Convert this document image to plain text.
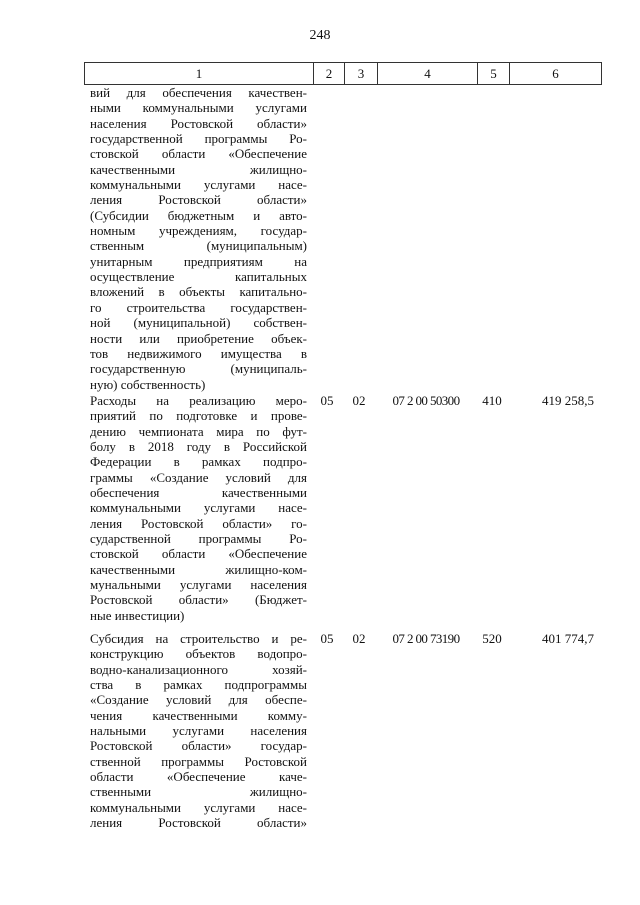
248
1	2	3	4	5	6
вий для обеспечения качествен-
ными коммунальными услугами
населения Ростовской области»
государственной программы Ро-
стовской области «Обеспечение
качественными жилищно-
коммунальными услугами насе-
ления Ростовской области»
(Субсидии бюджетным и авто-
номным учреждениям, государ-
ственным (муниципальным)
унитарным предприятиям на
осуществление капитальных
вложений в объекты капитально-
го строительства государствен-
ной (муниципальной) собствен-
ности или приобретение объек-
тов недвижимого имущества в
государственную (муниципаль-
ную) собственность)
Расходы на реализацию меро-
приятий по подготовке и прове-
дению чемпионата мира по фут-
болу в 2018 году в Российской
Федерации в рамках подпро-
граммы «Создание условий для
обеспечения качественными
коммунальными услугами насе-
ления Ростовской области» го-
сударственной программы Ро-
стовской области «Обеспечение
качественными жилищно-ком-
мунальными услугами населения
Ростовской области» (Бюджет-
ные инвестиции)
05	02	07 2 00 50300	410	419 258,5
Субсидия на строительство и ре-
конструкцию объектов водопро-
водно-канализационного хозяй-
ства в рамках подпрограммы
«Создание условий для обеспе-
чения качественными комму-
нальными услугами населения
Ростовской области» государ-
ственной программы Ростовской
области «Обеспечение каче-
ственными жилищно-
коммунальными услугами насе-
ления Ростовской области»
05	02	07 2 00 73190	520	401 774,7
